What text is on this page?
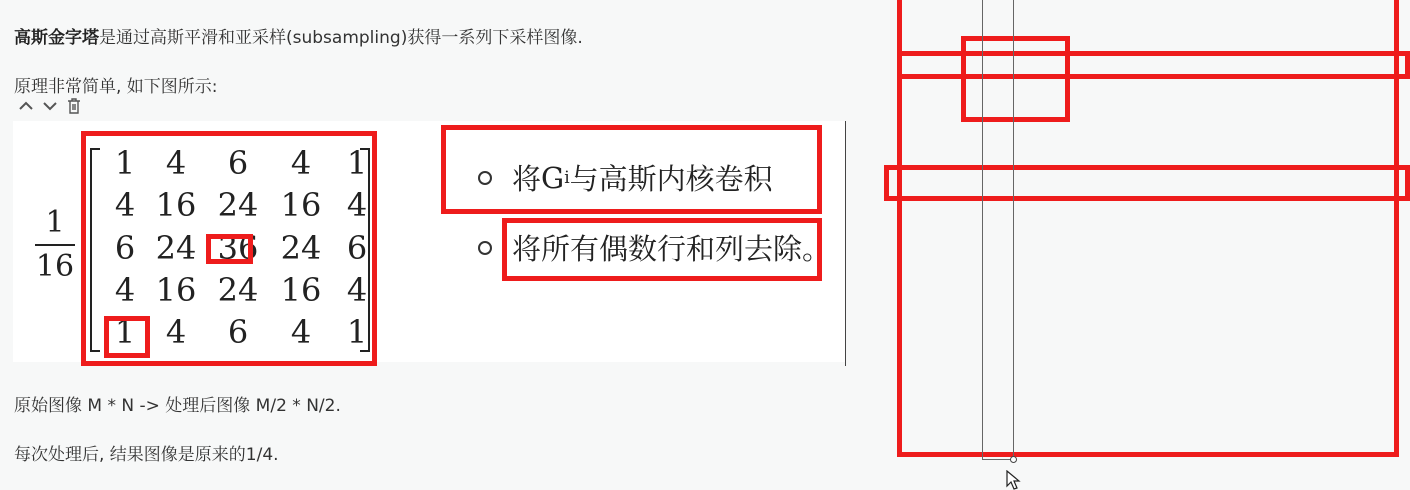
高斯金字塔是通过高斯平滑和亚采样(subsampling)获得一系列下采样图像.
原理非常简单, 如下图所示:
1
16
1 4	6	4	1
4 16 24 16 4
6 24 36 24 6
4 16 24 16 4
1 4	6	4	1
将 G i 与高斯内核卷积
将所有偶数行和列去除。
原始图像 M * N -> 处理后图像 M/2 * N/2.
每次处理后, 结果图像是原来的1/4.
